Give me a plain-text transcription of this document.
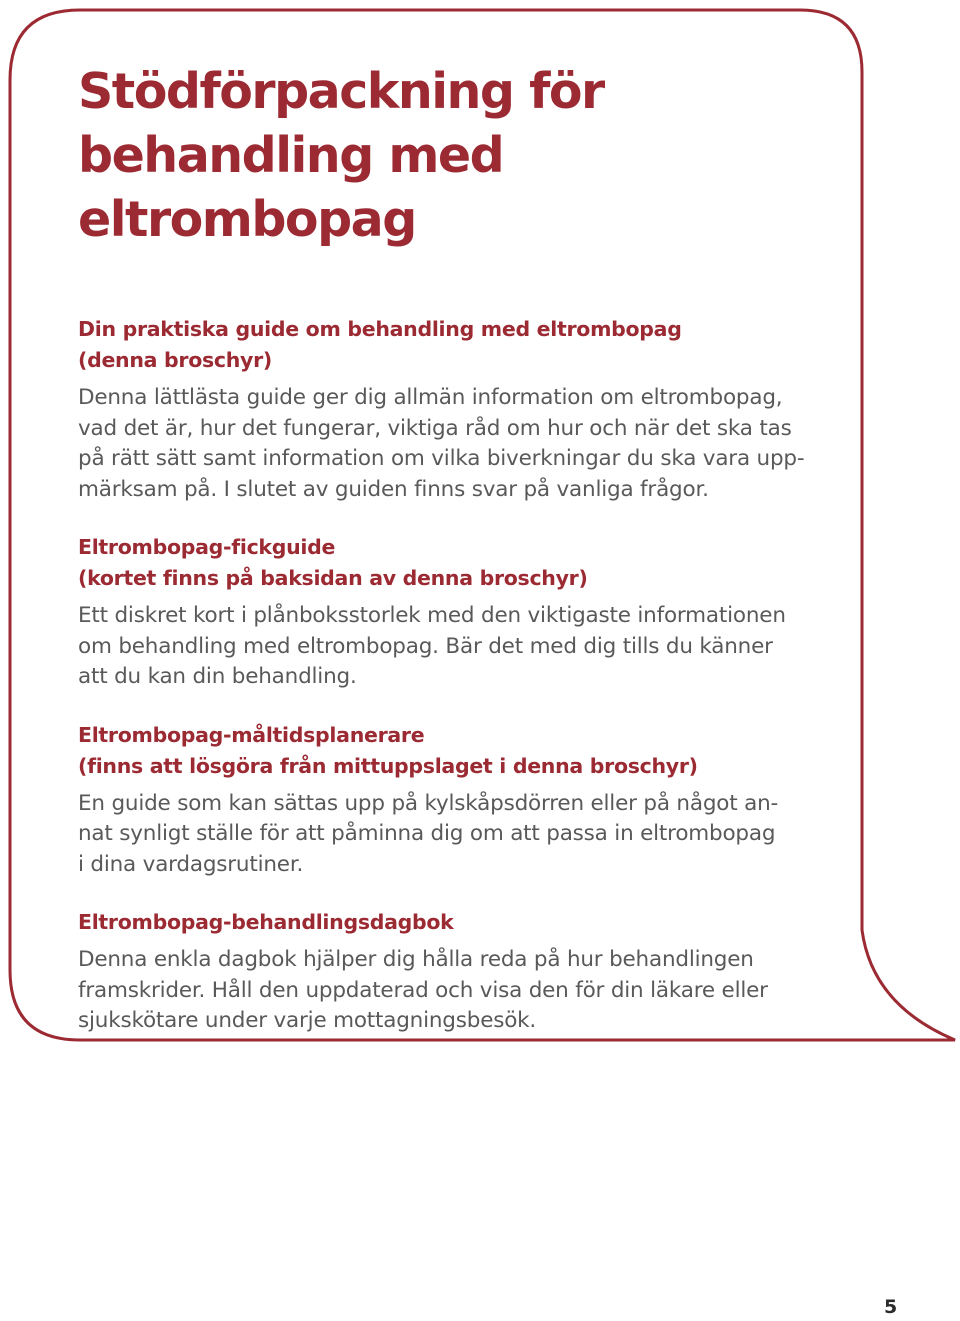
Stödförpackning för
behandling med eltrombopag
Din praktiska guide om behandling med eltrombopag
(denna broschyr)
Denna lättlästa guide ger dig allmän information om eltrombopag,
vad det är, hur det fungerar, viktiga råd om hur och när det ska tas
på rätt sätt samt information om vilka biverkningar du ska vara upp-
märksam på. I slutet av guiden finns svar på vanliga frågor.
Eltrombopag-fickguide
(kortet finns på baksidan av denna broschyr)
Ett diskret kort i plånboksstorlek med den viktigaste informationen
om behandling med eltrombopag. Bär det med dig tills du känner
att du kan din behandling.
Eltrombopag-måltidsplanerare
(finns att lösgöra från mittuppslaget i denna broschyr)
En guide som kan sättas upp på kylskåpsdörren eller på något an-
nat synligt ställe för att påminna dig om att passa in eltrombopag
i dina vardagsrutiner.
Eltrombopag-behandlingsdagbok
Denna enkla dagbok hjälper dig hålla reda på hur behandlingen
framskrider. Håll den uppdaterad och visa den för din läkare eller
sjukskötare under varje mottagningsbesök.
5
